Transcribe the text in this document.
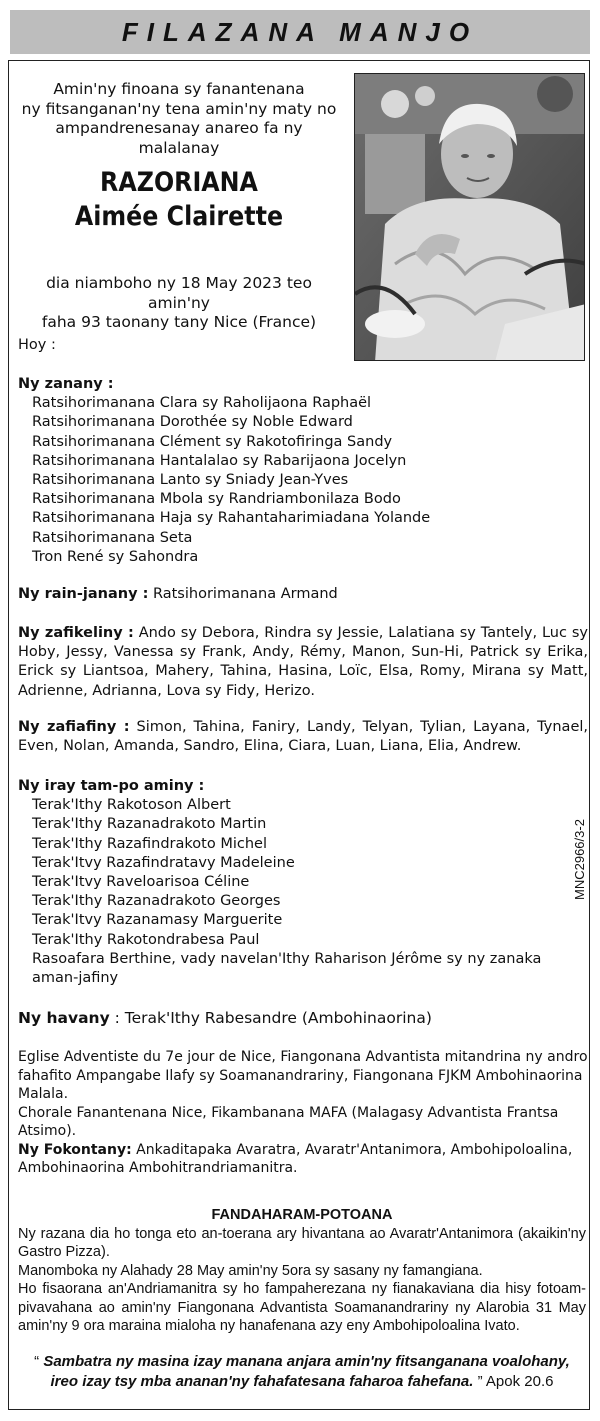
FILAZANA MANJO
Amin'ny finoana sy fanantenana
ny fitsanganan'ny tena amin'ny maty no
ampandrenesanay anareo fa ny malalanay
RAZORIANA
Aimée Clairette
dia niamboho ny 18 May 2023 teo amin'ny
faha 93 taonany tany Nice (France)
Hoy :
Ny zanany :
Ratsihorimanana Clara sy Raholijaona Raphaël
Ratsihorimanana Dorothée sy Noble Edward
Ratsihorimanana Clément sy Rakotofiringa Sandy
Ratsihorimanana Hantalalao sy Rabarijaona Jocelyn
Ratsihorimanana Lanto sy Sniady Jean-Yves
Ratsihorimanana Mbola sy Randriambonilaza Bodo
Ratsihorimanana Haja sy Rahantaharimiadana Yolande
Ratsihorimanana Seta
Tron René sy Sahondra
Ny rain-janany : Ratsihorimanana Armand
Ny zafikeliny : Ando sy Debora, Rindra sy Jessie, Lalatiana sy Tantely, Luc sy Hoby, Jessy, Vanessa sy Frank, Andy, Rémy, Manon, Sun-Hi, Patrick sy Erika, Erick sy Liantsoa, Mahery, Tahina, Hasina, Loïc, Elsa, Romy, Mirana sy Matt, Adrienne, Adrianna, Lova sy Fidy, Herizo.
Ny zafiafiny : Simon, Tahina, Faniry, Landy, Telyan, Tylian, Layana, Tynael, Even, Nolan, Amanda, Sandro, Elina, Ciara, Luan, Liana, Elia, Andrew.
Ny iray tam-po aminy :
Terak'Ithy Rakotoson Albert
Terak'Ithy Razanadrakoto Martin
Terak'Ithy Razafindrakoto Michel
Terak'Itvy Razafindratavy Madeleine
Terak'Itvy Raveloarisoa Céline
Terak'Ithy Razanadrakoto Georges
Terak'Itvy Razanamasy Marguerite
Terak'Ithy Rakotondrabesa Paul
Rasoafara Berthine, vady navelan'Ithy Raharison Jérôme sy ny zanaka aman-jafiny
Ny havany : Terak'Ithy Rabesandre (Ambohinaorina)
Eglise Adventiste du 7e jour de Nice, Fiangonana Advantista mitandrina ny andro fahafito Ampangabe Ilafy sy Soamanandrariny, Fiangonana FJKM Ambohinaorina Malala.
Chorale Fanantenana Nice, Fikambanana MAFA (Malagasy Advantista Frantsa Atsimo).
Ny Fokontany: Ankaditapaka Avaratra, Avaratr'Antanimora, Ambohipoloalina, Ambohinaorina Ambohitrandriamanitra.
MNC2966/3-2
FANDAHARAM-POTOANA
Ny razana dia ho tonga eto an-toerana ary hivantana ao Avaratr'Antanimora (akaikin'ny Gastro Pizza).
Manomboka ny Alahady 28 May amin'ny 5ora sy sasany ny famangiana.
Ho fisaorana an'Andriamanitra sy ho fampaherezana ny fianakaviana dia hisy fotoam-pivavahana ao amin'ny Fiangonana Advantista Soamanandrariny ny Alarobia 31 May amin'ny 9 ora maraina mialoha ny hanafenana azy eny Ambohipoloalina Ivato.
“ Sambatra ny masina izay manana anjara amin'ny fitsanganana voalohany,
ireo izay tsy mba ananan'ny fahafatesana faharoa fahefana. ” Apok 20.6
